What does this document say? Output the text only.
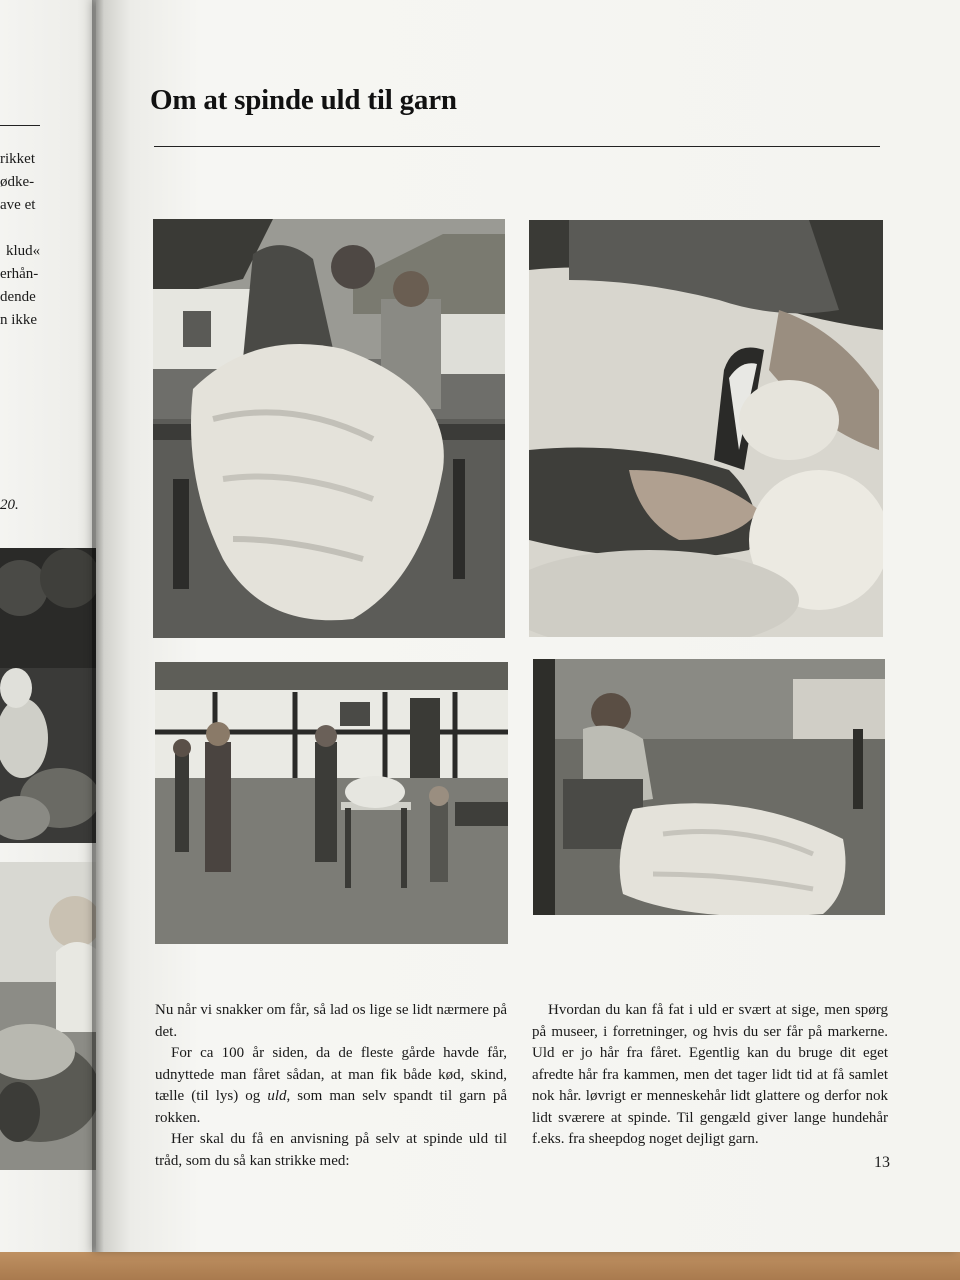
rikket
ødke-
ave et

klud«
erhån-
dende
n ikke
20.
Om at spinde uld til garn

Nu når vi snakker om får, så lad os lige se lidt nærmere på det.

For ca 100 år siden, da de fleste gårde havde får, udnyttede man fåret sådan, at man fik både kød, skind, tælle (til lys) og uld, som man selv spandt til garn på rokken.

Her skal du få en anvisning på selv at spinde uld til tråd, som du så kan strikke med:

Hvordan du kan få fat i uld er svært at sige, men spørg på museer, i forretninger, og hvis du ser får på markerne. Uld er jo hår fra fåret. Egentlig kan du bruge dit eget afredte hår fra kammen, men det tager lidt tid at få samlet nok hår. løvrigt er menneskehår lidt glattere og derfor nok lidt sværere at spinde. Til gengæld giver lange hundehår f.eks. fra sheepdog noget dejligt garn.

13
